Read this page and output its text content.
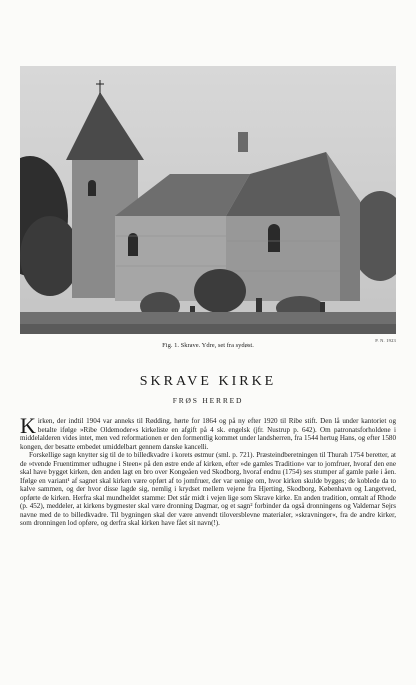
P. N. 1923
Fig. 1. Skrave. Ydre, set fra sydøst.
SKRAVE KIRKE
FRØS HERRED

Kirken, der indtil 1904 var anneks til Rødding, hørte for 1864 og på ny efter 1920 til Ribe stift. Den lå under kantoriet og betalte ifølge »Ribe Oldemoder«s kirkeliste en afgift på 4 sk. engelsk (jfr. Nustrup p. 642). Om patronatsforholdene i middelalderen vides intet, men ved reformationen er den formentlig kommet under landsherren, fra 1544 hertug Hans, og efter 1580 kongen, der besatte embedet umiddelbart gennem danske kancelli.

Forskellige sagn knytter sig til de to billedkvadre i korets østmur (sml. p. 721). Præsteindberetningen til Thurah 1754 beretter, at de »tvende Fruentimmer udhugne i Steen« på den østre ende af kirken, efter »de gamles Tradition« var to jomfruer, hvoraf den ene skal have bygget kirken, den anden lagt en bro over Kongeåen ved Skodborg, hvoraf endnu (1754) ses stumper af gamle pæle i åen. Ifølge en variant¹ af sagnet skal kirken være opført af to jomfruer, der var uenige om, hvor kirken skulde bygges; de koblede da to kalve sammen, og der hvor disse lagde sig, nemlig i krydset mellem vejene fra Hjerting, Skodborg, København og Langetved, opførte de kirken. Herfra skal mundheldet stamme: Det står midt i vejen lige som Skrave kirke. En anden tradition, omtalt af Rhode (p. 452), meddeler, at kirkens bygmester skal være dronning Dagmar, og et sagn² forbinder da også dronningens og Valdemar Sejrs navne med de to billedkvadre. Til bygningen skal der være anvendt tiloversblevne materialer, »skravninger«, fra de andre kirker, som dronningen lod opføre, og derfra skal kirken have fået sit navn(!).
